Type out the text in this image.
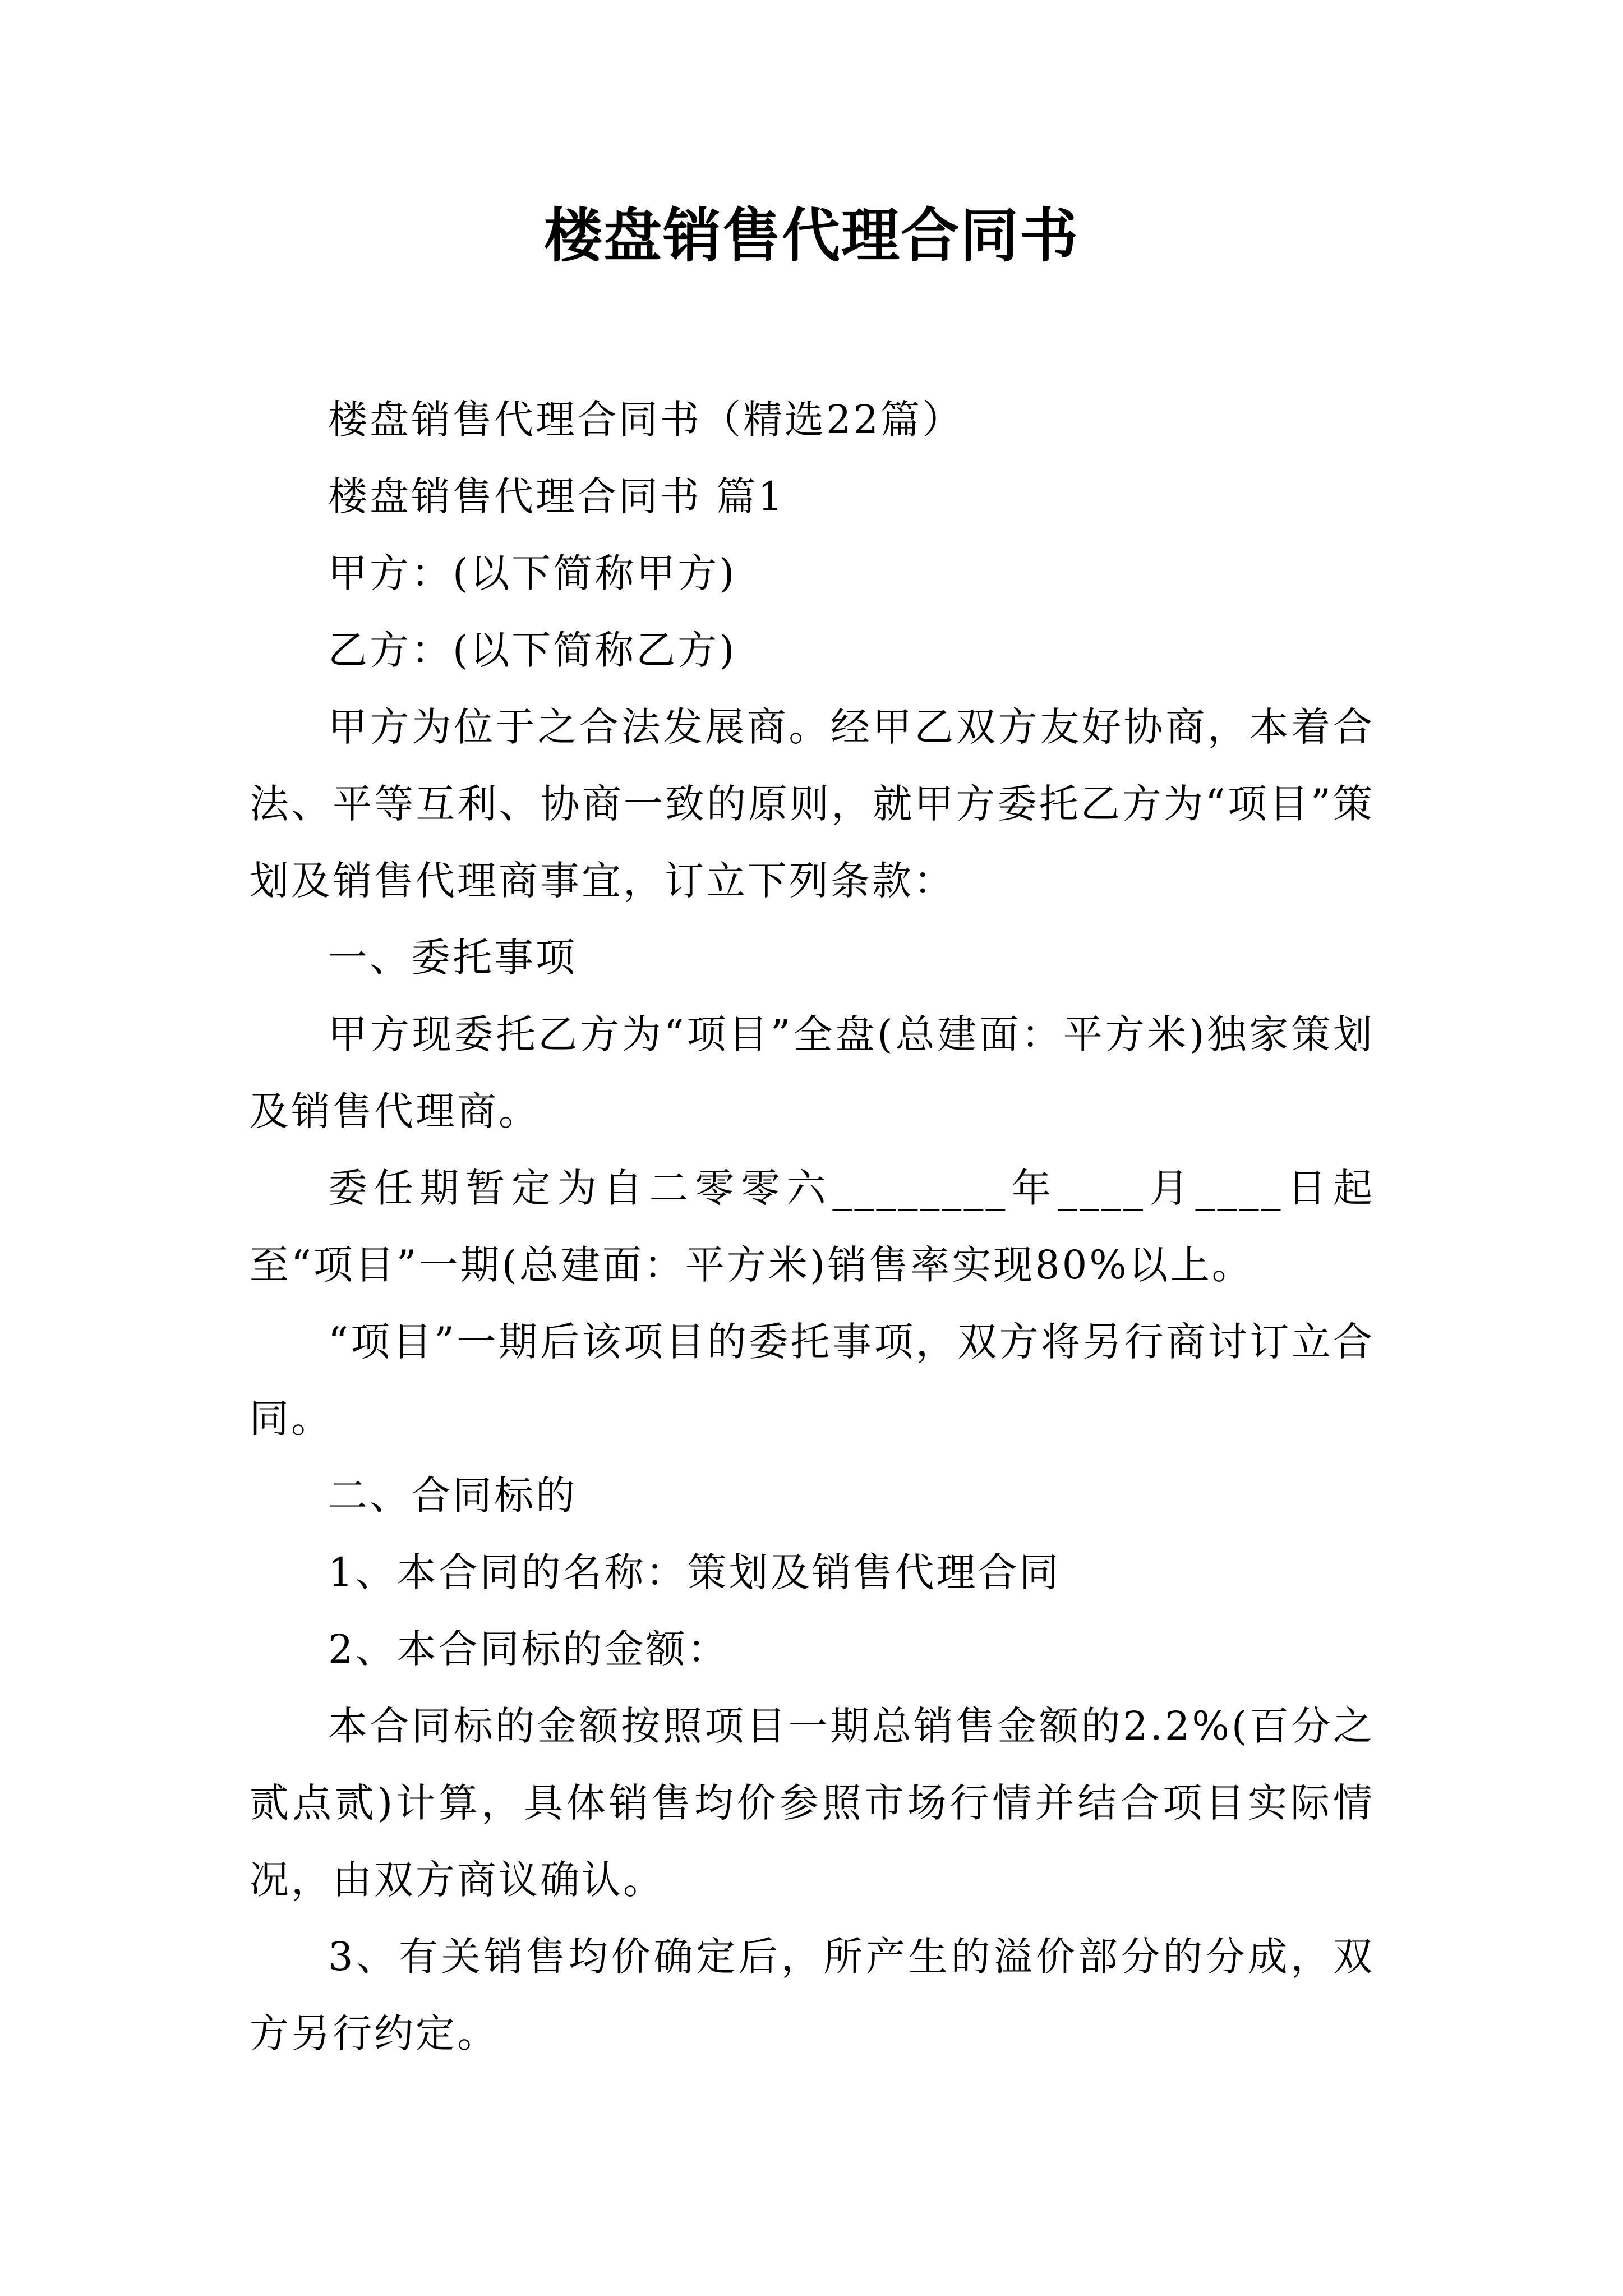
楼盘销售代理合同书

楼盘销售代理合同书（精选22篇）

楼盘销售代理合同书 篇1

甲方：(以下简称甲方)

乙方：(以下简称乙方)

甲方为位于之合法发展商。经甲乙双方友好协商，本着合法、平等互利、协商一致的原则，就甲方委托乙方为“项目”策划及销售代理商事宜，订立下列条款：

一、委托事项

甲方现委托乙方为“项目”全盘(总建面：平方米)独家策划及销售代理商。

委任期暂定为自二零零六________年____月____日起至“项目”一期(总建面：平方米)销售率实现80%以上。

“项目”一期后该项目的委托事项，双方将另行商讨订立合同。

二、合同标的

1、本合同的名称：策划及销售代理合同

2、本合同标的金额：

本合同标的金额按照项目一期总销售金额的2.2%(百分之贰点贰)计算，具体销售均价参照市场行情并结合项目实际情况，由双方商议确认。

3、有关销售均价确定后，所产生的溢价部分的分成，双方另行约定。
